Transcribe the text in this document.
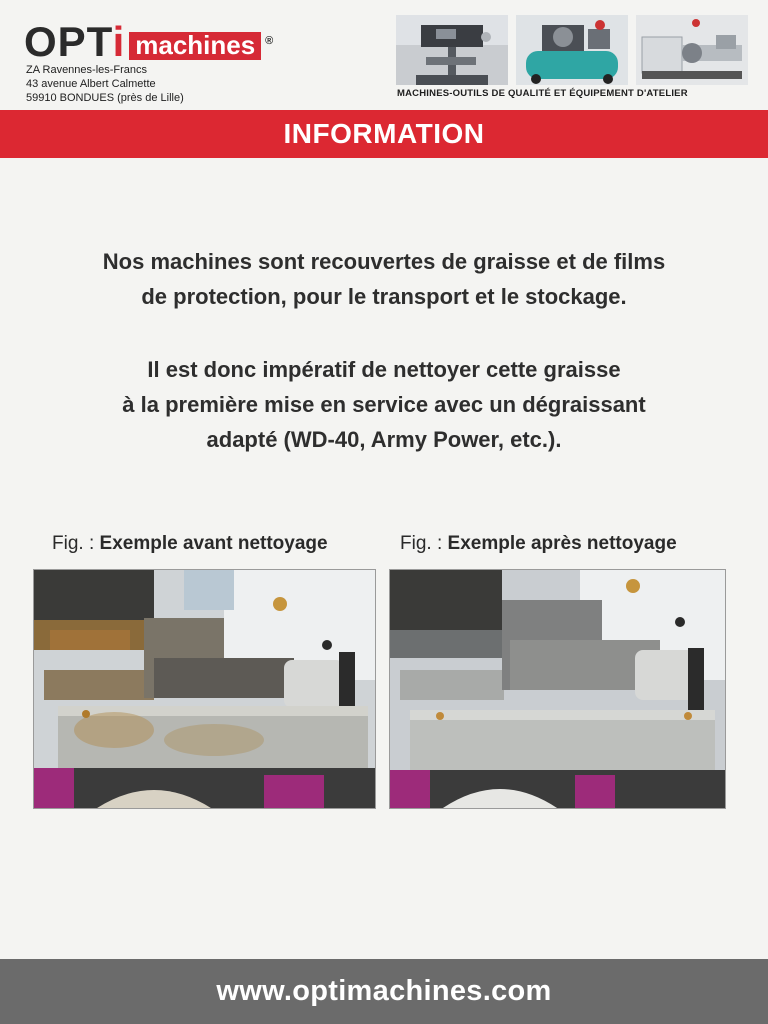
OPTi machines ®
ZA Ravennes-les-Francs
43 avenue Albert Calmette
59910 BONDUES (près de Lille)	MACHINES-OUTILS DE QUALITÉ ET ÉQUIPEMENT D'ATELIER
INFORMATION
Nos machines sont recouvertes de graisse et de films
de protection, pour le transport et le stockage.
Il est donc impératif de nettoyer cette graisse
à la première mise en service avec un dégraissant
adapté (WD-40, Army Power, etc.).
Fig. : Exemple avant nettoyage	Fig. : Exemple après nettoyage
www.optimachines.com
